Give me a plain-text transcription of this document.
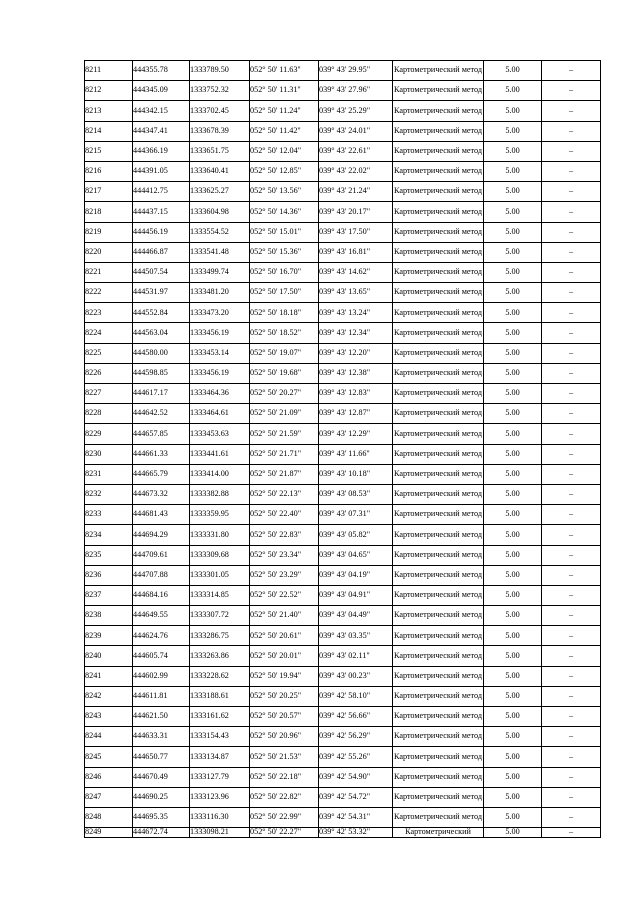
8211	444355.78	1333789.50	052° 50' 11.63"	039° 43' 29.95"	Картометрический метод	5.00	–
8212	444345.09	1333752.32	052° 50' 11.31"	039° 43' 27.96"	Картометрический метод	5.00	–
8213	444342.15	1333702.45	052° 50' 11.24"	039° 43' 25.29"	Картометрический метод	5.00	–
8214	444347.41	1333678.39	052° 50' 11.42"	039° 43' 24.01"	Картометрический метод	5.00	–
8215	444366.19	1333651.75	052° 50' 12.04"	039° 43' 22.61"	Картометрический метод	5.00	–
8216	444391.05	1333640.41	052° 50' 12.85"	039° 43' 22.02"	Картометрический метод	5.00	–
8217	444412.75	1333625.27	052° 50' 13.56"	039° 43' 21.24"	Картометрический метод	5.00	–
8218	444437.15	1333604.98	052° 50' 14.36"	039° 43' 20.17"	Картометрический метод	5.00	–
8219	444456.19	1333554.52	052° 50' 15.01"	039° 43' 17.50"	Картометрический метод	5.00	–
8220	444466.87	1333541.48	052° 50' 15.36"	039° 43' 16.81"	Картометрический метод	5.00	–
8221	444507.54	1333499.74	052° 50' 16.70"	039° 43' 14.62"	Картометрический метод	5.00	–
8222	444531.97	1333481.20	052° 50' 17.50"	039° 43' 13.65"	Картометрический метод	5.00	–
8223	444552.84	1333473.20	052° 50' 18.18"	039° 43' 13.24"	Картометрический метод	5.00	–
8224	444563.04	1333456.19	052° 50' 18.52"	039° 43' 12.34"	Картометрический метод	5.00	–
8225	444580.00	1333453.14	052° 50' 19.07"	039° 43' 12.20"	Картометрический метод	5.00	–
8226	444598.85	1333456.19	052° 50' 19.68"	039° 43' 12.38"	Картометрический метод	5.00	–
8227	444617.17	1333464.36	052° 50' 20.27"	039° 43' 12.83"	Картометрический метод	5.00	–
8228	444642.52	1333464.61	052° 50' 21.09"	039° 43' 12.87"	Картометрический метод	5.00	–
8229	444657.85	1333453.63	052° 50' 21.59"	039° 43' 12.29"	Картометрический метод	5.00	–
8230	444661.33	1333441.61	052° 50' 21.71"	039° 43' 11.66"	Картометрический метод	5.00	–
8231	444665.79	1333414.00	052° 50' 21.87"	039° 43' 10.18"	Картометрический метод	5.00	–
8232	444673.32	1333382.88	052° 50' 22.13"	039° 43' 08.53"	Картометрический метод	5.00	–
8233	444681.43	1333359.95	052° 50' 22.40"	039° 43' 07.31"	Картометрический метод	5.00	–
8234	444694.29	1333331.80	052° 50' 22.83"	039° 43' 05.82"	Картометрический метод	5.00	–
8235	444709.61	1333309.68	052° 50' 23.34"	039° 43' 04.65"	Картометрический метод	5.00	–
8236	444707.88	1333301.05	052° 50' 23.29"	039° 43' 04.19"	Картометрический метод	5.00	–
8237	444684.16	1333314.85	052° 50' 22.52"	039° 43' 04.91"	Картометрический метод	5.00	–
8238	444649.55	1333307.72	052° 50' 21.40"	039° 43' 04.49"	Картометрический метод	5.00	–
8239	444624.76	1333286.75	052° 50' 20.61"	039° 43' 03.35"	Картометрический метод	5.00	–
8240	444605.74	1333263.86	052° 50' 20.01"	039° 43' 02.11"	Картометрический метод	5.00	–
8241	444602.99	1333228.62	052° 50' 19.94"	039° 43' 00.23"	Картометрический метод	5.00	–
8242	444611.81	1333188.61	052° 50' 20.25"	039° 42' 58.10"	Картометрический метод	5.00	–
8243	444621.50	1333161.62	052° 50' 20.57"	039° 42' 56.66"	Картометрический метод	5.00	–
8244	444633.31	1333154.43	052° 50' 20.96"	039° 42' 56.29"	Картометрический метод	5.00	–
8245	444650.77	1333134.87	052° 50' 21.53"	039° 42' 55.26"	Картометрический метод	5.00	–
8246	444670.49	1333127.79	052° 50' 22.18"	039° 42' 54.90"	Картометрический метод	5.00	–
8247	444690.25	1333123.96	052° 50' 22.82"	039° 42' 54.72"	Картометрический метод	5.00	–
8248	444695.35	1333116.30	052° 50' 22.99"	039° 42' 54.31"	Картометрический метод	5.00	–
8249	444672.74	1333098.21	052° 50' 22.27"	039° 42' 53.32"	Картометрический	5.00	–
